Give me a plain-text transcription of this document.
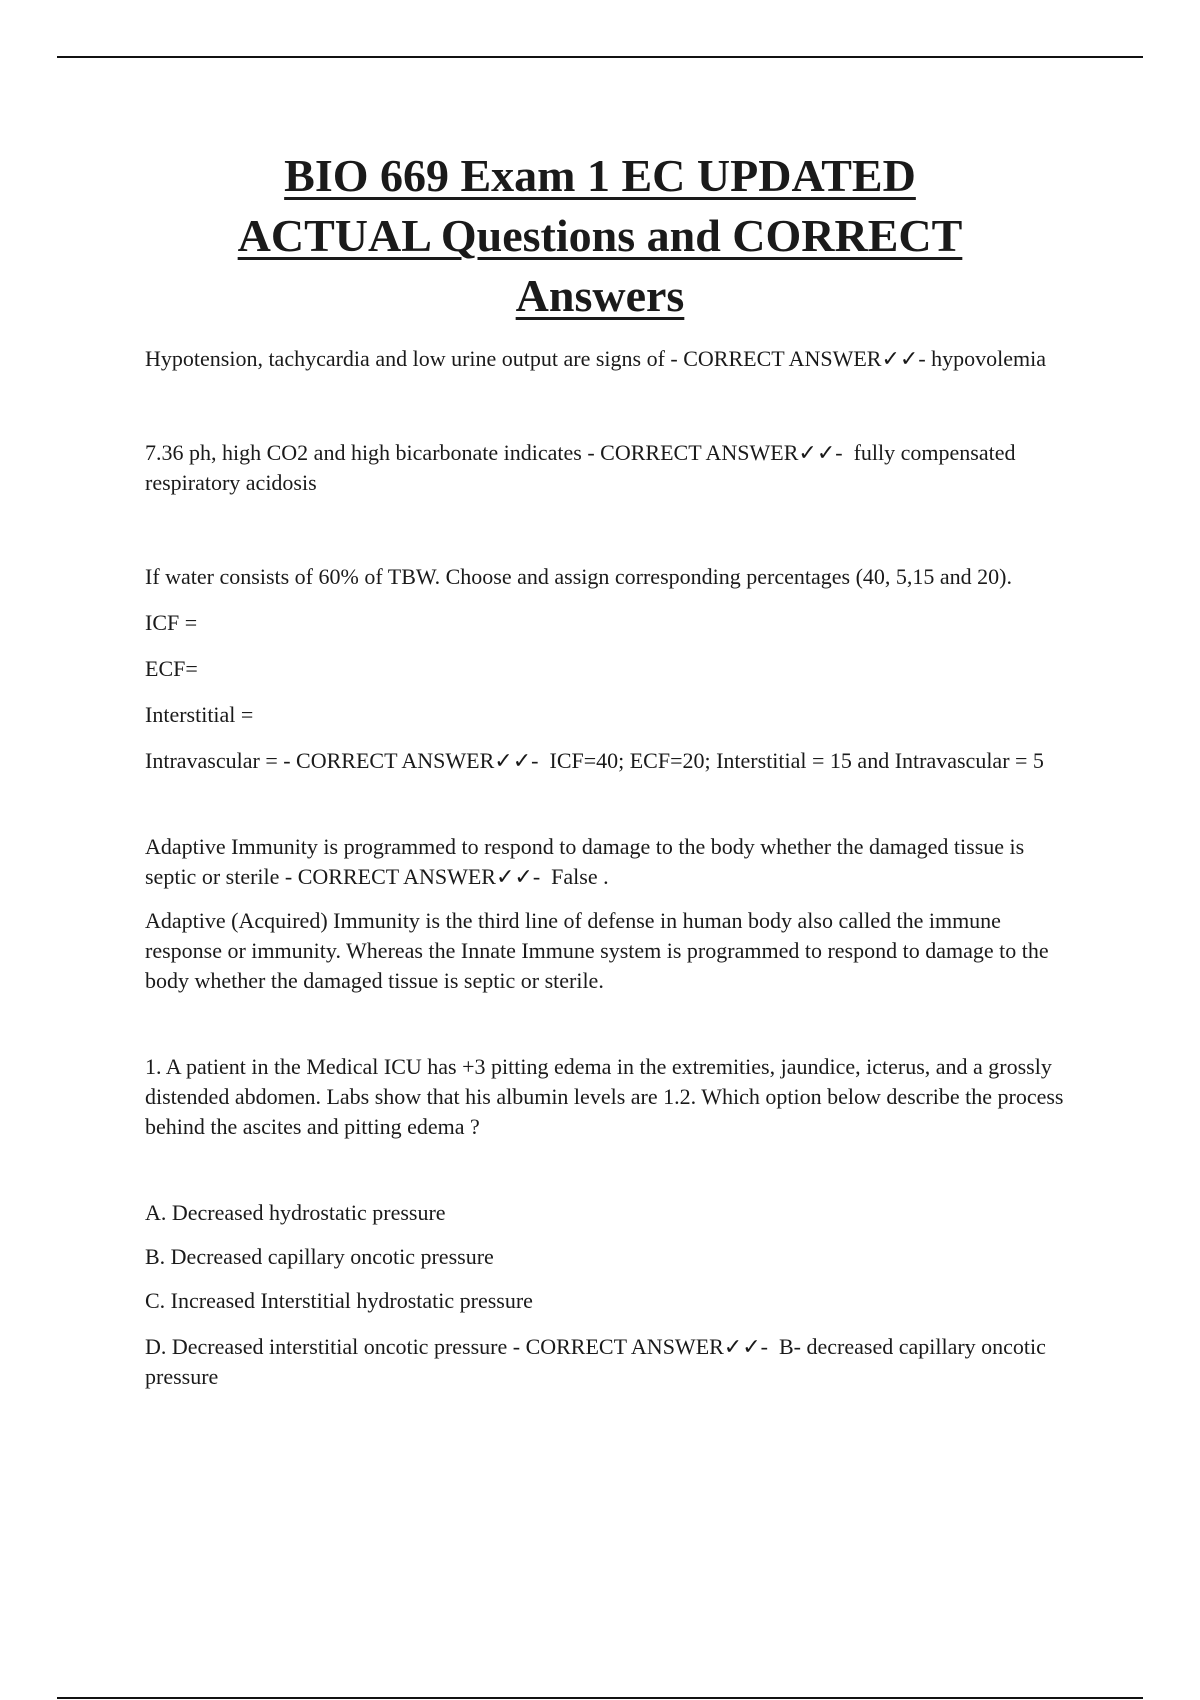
BIO 669 Exam 1 EC UPDATED
ACTUAL Questions and CORRECT
Answers

Hypotension, tachycardia and low urine output are signs of - CORRECT ANSWER✓✓- hypovolemia

7.36 ph, high CO2 and high bicarbonate indicates - CORRECT ANSWER✓✓-  fully compensated respiratory acidosis

If water consists of 60% of TBW. Choose and assign corresponding percentages (40, 5,15 and 20).

ICF =

ECF=

Interstitial =

Intravascular = - CORRECT ANSWER✓✓-  ICF=40; ECF=20; Interstitial = 15 and Intravascular = 5

Adaptive Immunity is programmed to respond to damage to the body whether the damaged tissue is septic or sterile - CORRECT ANSWER✓✓-  False .

Adaptive (Acquired) Immunity is the third line of defense in human body also called the immune response or immunity. Whereas the Innate Immune system is programmed to respond to damage to the body whether the damaged tissue is septic or sterile.

1. A patient in the Medical ICU has +3 pitting edema in the extremities, jaundice, icterus, and a grossly distended abdomen. Labs show that his albumin levels are 1.2. Which option below describe the process behind the ascites and pitting edema ?

A. Decreased hydrostatic pressure

B. Decreased capillary oncotic pressure

C. Increased Interstitial hydrostatic pressure

D. Decreased interstitial oncotic pressure - CORRECT ANSWER✓✓-  B- decreased capillary oncotic pressure
